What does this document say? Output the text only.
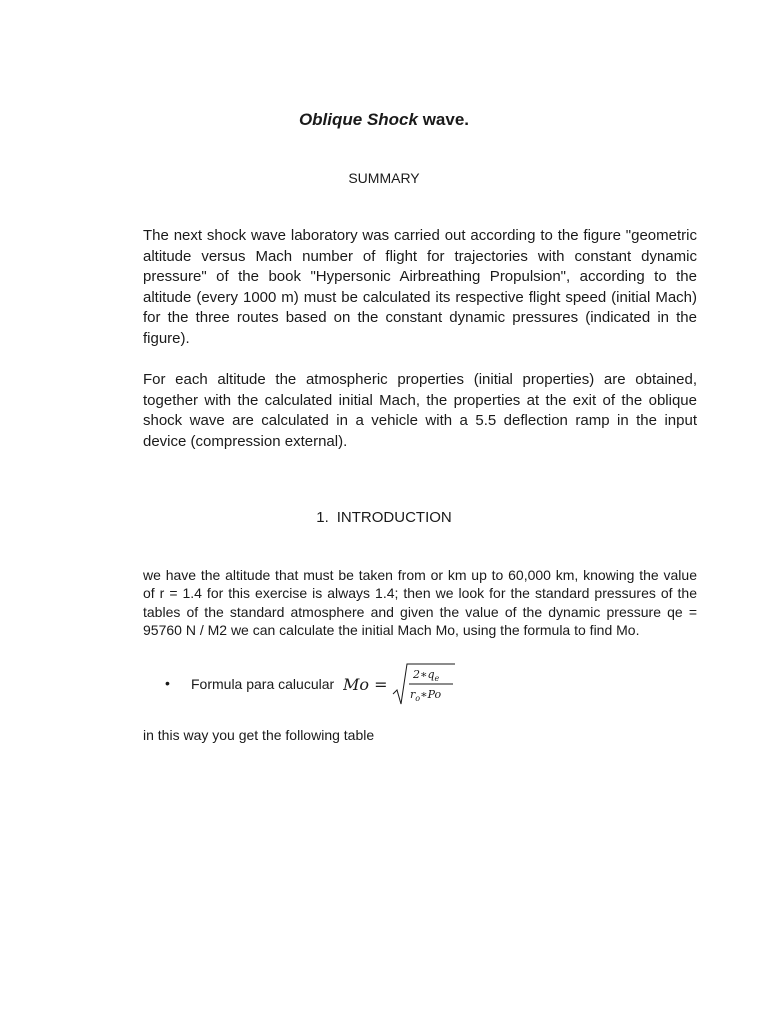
Oblique Shock wave.
SUMMARY
The next shock wave laboratory was carried out according to the figure "geometric altitude versus Mach number of flight for trajectories with constant dynamic pressure" of the book "Hypersonic Airbreathing Propulsion", according to the altitude (every 1000 m) must be calculated its respective flight speed (initial Mach) for the three routes based on the constant dynamic pressures (indicated in the figure).
For each altitude the atmospheric properties (initial properties) are obtained, together with the calculated initial Mach, the properties at the exit of the oblique shock wave are calculated in a vehicle with a 5.5 deflection ramp in the input device (compression external).
1. INTRODUCTION
we have the altitude that must be taken from or km up to 60,000 km, knowing the value of r = 1.4 for this exercise is always 1.4; then we look for the standard pressures of the tables of the standard atmosphere and given the value of the dynamic pressure qe = 95760 N / M2 we can calculate the initial Mach Mo, using the formula to find Mo.
• Formula para calucular Mo =
$2∗q_e$
$r_o∗Po$
in this way you get the following table
